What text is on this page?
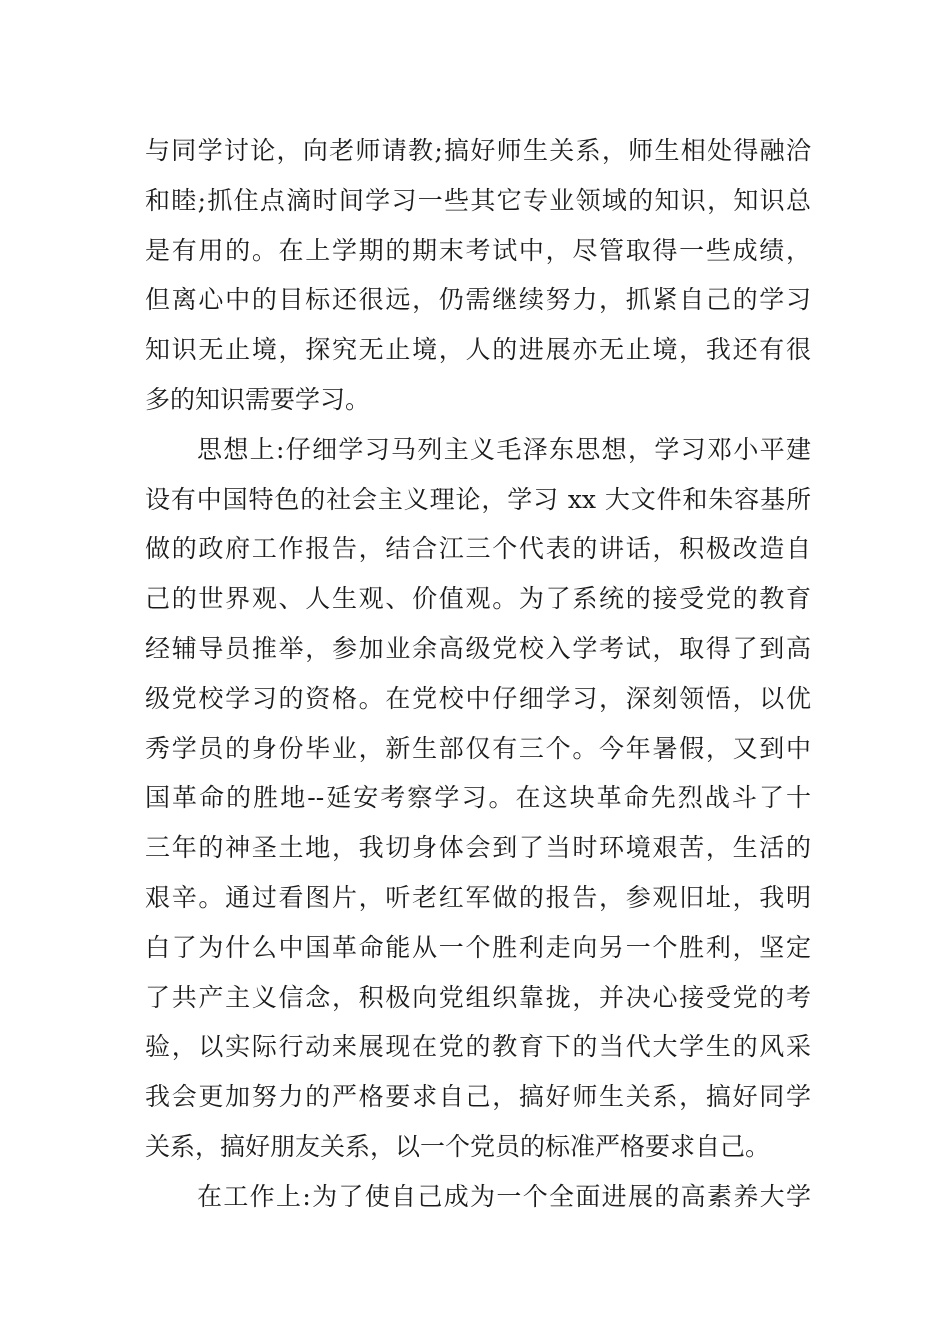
与同学讨论，向老师请教;搞好师生关系，师生相处得融洽
和睦;抓住点滴时间学习一些其它专业领域的知识，知识总
是有用的。在上学期的期末考试中，尽管取得一些成绩，
但离心中的目标还很远，仍需继续努力，抓紧自己的学习
知识无止境，探究无止境，人的进展亦无止境，我还有很
多的知识需要学习。
思想上:仔细学习马列主义毛泽东思想，学习邓小平建
设有中国特色的社会主义理论，学习 xx 大文件和朱容基所
做的政府工作报告，结合江三个代表的讲话，积极改造自
己的世界观、人生观、价值观。为了系统的接受党的教育
经辅导员推举，参加业余高级党校入学考试，取得了到高
级党校学习的资格。在党校中仔细学习，深刻领悟，以优
秀学员的身份毕业，新生部仅有三个。今年暑假，又到中
国革命的胜地--延安考察学习。在这块革命先烈战斗了十
三年的神圣土地，我切身体会到了当时环境艰苦，生活的
艰辛。通过看图片，听老红军做的报告，参观旧址，我明
白了为什么中国革命能从一个胜利走向另一个胜利，坚定
了共产主义信念，积极向党组织靠拢，并决心接受党的考
验，以实际行动来展现在党的教育下的当代大学生的风采
我会更加努力的严格要求自己，搞好师生关系，搞好同学
关系，搞好朋友关系，以一个党员的标准严格要求自己。
在工作上:为了使自己成为一个全面进展的高素养大学
